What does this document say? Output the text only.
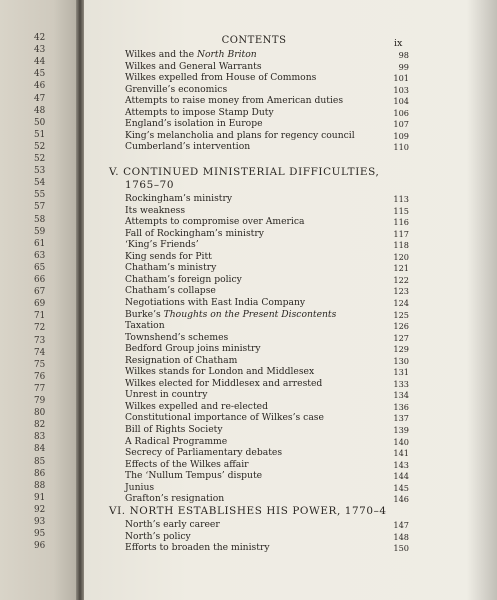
42
43
44
45
46
47
48
50
51
52
52
53
54
55
57
58
59
61
63
65
66
67
69
71
72
73
74
75
76
77
79
80
82
83
84
85
86
88
91
92
93
95
96
CONTENTS	ix
Wilkes and the North Briton	98
Wilkes and General Warrants	99
Wilkes expelled from House of Commons	101
Grenville’s economics	103
Attempts to raise money from American duties	104
Attempts to impose Stamp Duty	106
England’s isolation in Europe	107
King’s melancholia and plans for regency council	109
Cumberland’s intervention	110
V. CONTINUED MINISTERIAL DIFFICULTIES,
1765–70
Rockingham’s ministry	113
Its weakness	115
Attempts to compromise over America	116
Fall of Rockingham’s ministry	117
‘King’s Friends’	118
King sends for Pitt	120
Chatham’s ministry	121
Chatham’s foreign policy	122
Chatham’s collapse	123
Negotiations with East India Company	124
Burke’s Thoughts on the Present Discontents	125
Taxation	126
Townshend’s schemes	127
Bedford Group joins ministry	129
Resignation of Chatham	130
Wilkes stands for London and Middlesex	131
Wilkes elected for Middlesex and arrested	133
Unrest in country	134
Wilkes expelled and re-elected	136
Constitutional importance of Wilkes’s case	137
Bill of Rights Society	139
A Radical Programme	140
Secrecy of Parliamentary debates	141
Effects of the Wilkes affair	143
The ‘Nullum Tempus’ dispute	144
Junius	145
Grafton’s resignation	146
VI. NORTH ESTABLISHES HIS POWER, 1770–4
North’s early career	147
North’s policy	148
Efforts to broaden the ministry	150
